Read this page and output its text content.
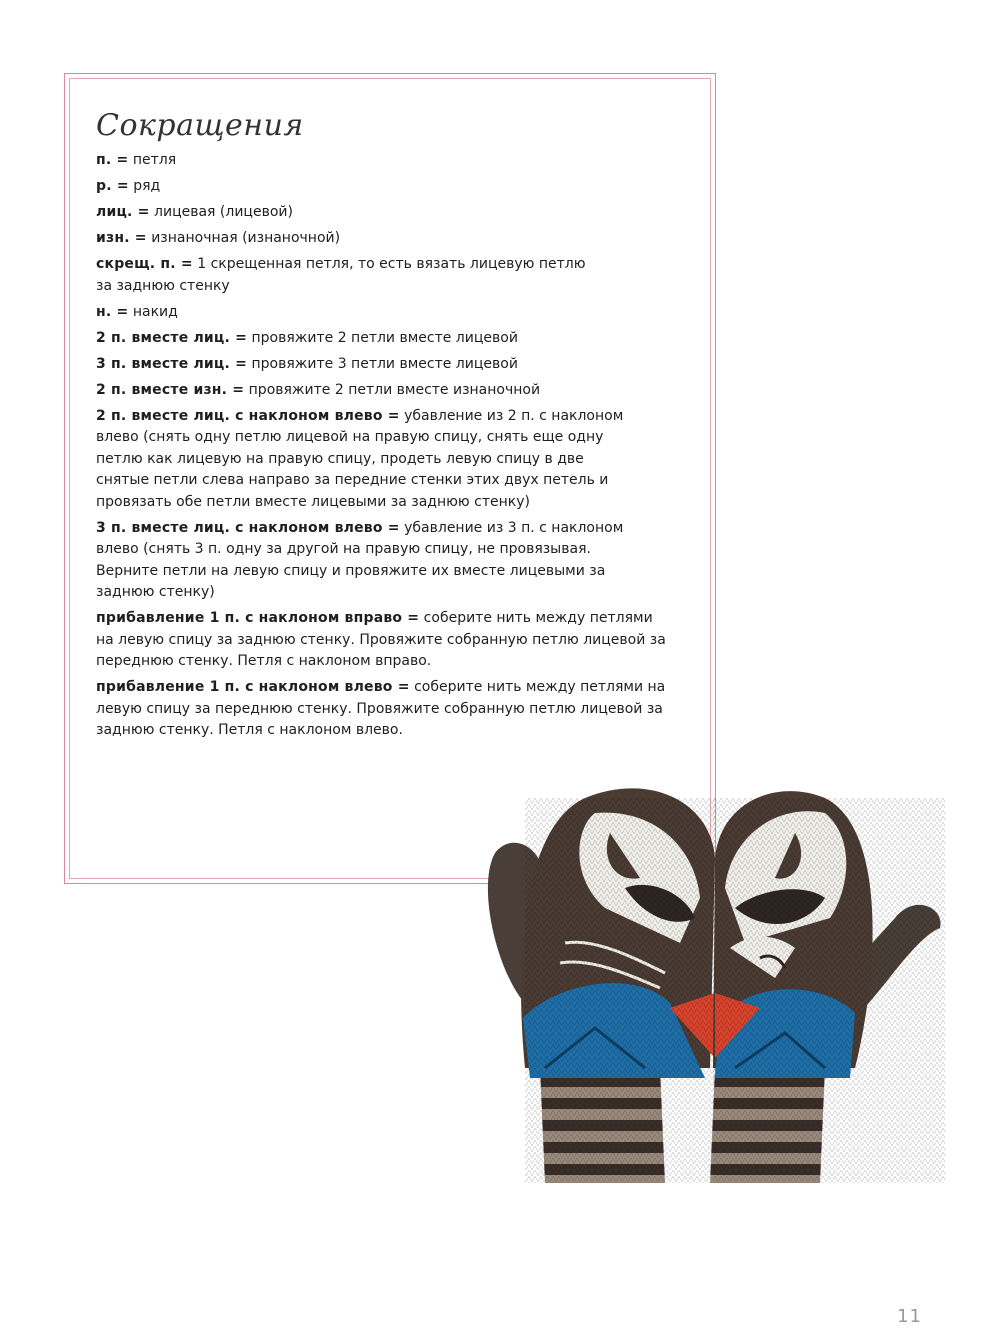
Сокращения
п. = петля
р. = ряд
лиц. = лицевая (лицевой)
изн. = изнаночная (изнаночной)
скрещ. п. = 1 скрещенная петля, то есть вязать лицевую петлю за заднюю стенку
н. = накид
2 п. вместе лиц. = провяжите 2 петли вместе лицевой
3 п. вместе лиц. = провяжите 3 петли вместе лицевой
2 п. вместе изн. = провяжите 2 петли вместе изнаночной
2 п. вместе лиц. с наклоном влево = убавление из 2 п. с наклоном влево (снять одну петлю лицевой на правую спицу, снять еще одну петлю как лицевую на правую спицу, продеть левую спицу в две снятые петли слева направо за передние стенки этих двух петель и провязать обе петли вместе лицевыми за заднюю стенку)
3 п. вместе лиц. с наклоном влево = убавление из 3 п. с наклоном влево (снять 3 п. одну за другой на правую спицу, не провязывая. Верните петли на левую спицу и провяжите их вместе лицевыми за заднюю стенку)
прибавление 1 п. с наклоном вправо = соберите нить между петлями на левую спицу за заднюю стенку. Провяжите собранную петлю лицевой за переднюю стенку. Петля с наклоном вправо.
прибавление 1 п. с наклоном влево = соберите нить между петлями на левую спицу за переднюю стенку. Провяжите собранную петлю лицевой за заднюю стенку. Петля с наклоном влево.
11
